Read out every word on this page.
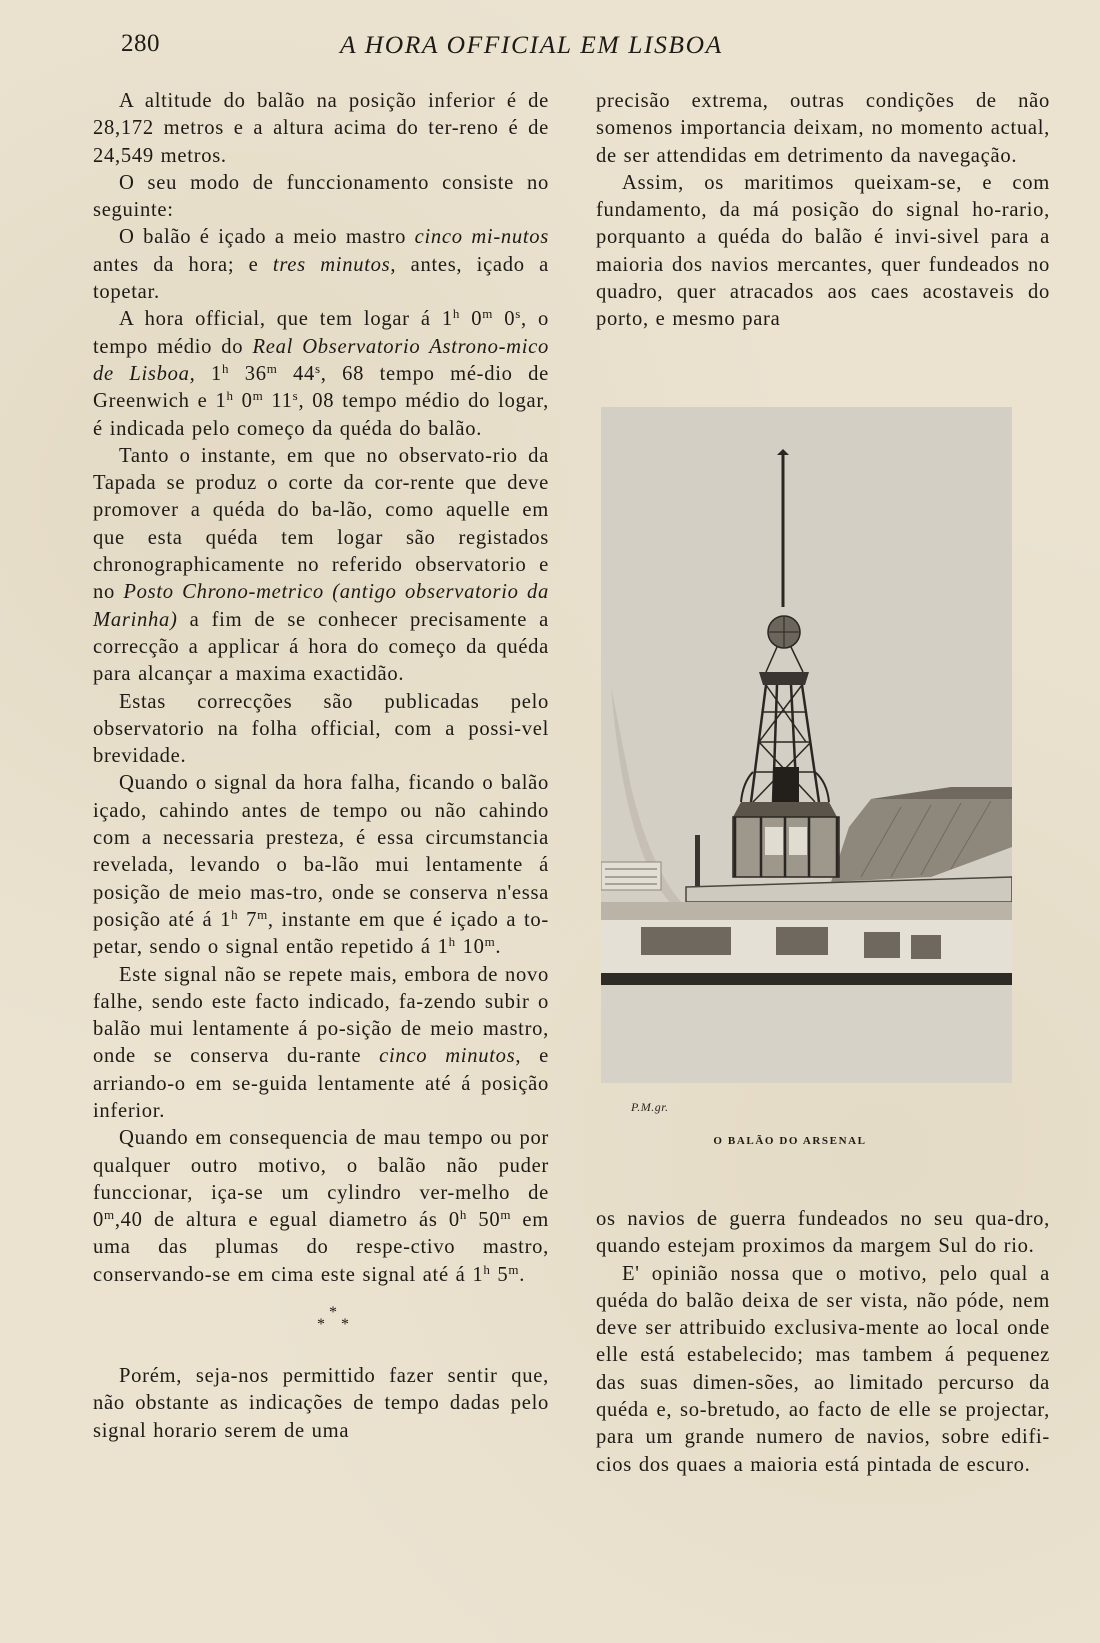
280	A HORA OFFICIAL EM LISBOA

A altitude do balão na posição inferior é de 28,172 metros e a altura acima do ter-reno é de 24,549 metros.

O seu modo de funccionamento consiste no seguinte:

O balão é içado a meio mastro cinco mi-nutos antes da hora; e tres minutos, antes, içado a topetar.

A hora official, que tem logar á 1$^h$ 0$^m$ 0$^s$, o tempo médio do Real Observatorio Astrono-mico de Lisboa, 1$^h$ 36$^m$ 44$^s$, 68 tempo mé-dio de Greenwich e 1$^h$ 0$^m$ 11$^s$, 08 tempo médio do logar, é indicada pelo começo da quéda do balão.

Tanto o instante, em que no observato-rio da Tapada se produz o corte da cor-rente que deve promover a quéda do ba-lão, como aquelle em que esta quéda tem logar são registados chronographicamente no referido observatorio e no Posto Chrono-metrico (antigo observatorio da Marinha) a fim de se conhecer precisamente a correcção a applicar á hora do começo da quéda para alcançar a maxima exactidão.

Estas correcções são publicadas pelo observatorio na folha official, com a possi-vel brevidade.

Quando o signal da hora falha, ficando o balão içado, cahindo antes de tempo ou não cahindo com a necessaria presteza, é essa circumstancia revelada, levando o ba-lão mui lentamente á posição de meio mas-tro, onde se conserva n'essa posição até á 1$^h$ 7$^m$, instante em que é içado a to-petar, sendo o signal então repetido á 1$^h$ 10$^m$.

Este signal não se repete mais, embora de novo falhe, sendo este facto indicado, fa-zendo subir o balão mui lentamente á po-sição de meio mastro, onde se conserva du-rante cinco minutos, e arriando-o em se-guida lentamente até á posição inferior.

Quando em consequencia de mau tempo ou por qualquer outro motivo, o balão não puder funccionar, iça-se um cylindro ver-melho de 0$^m$,40 de altura e egual diametro ás 0$^h$ 50$^m$ em uma das plumas do respe-ctivo mastro, conservando-se em cima este signal até á 1$^h$ 5$^m$.

*
* *

Porém, seja-nos permittido fazer sentir que, não obstante as indicações de tempo dadas pelo signal horario serem de uma

precisão extrema, outras condições de não somenos importancia deixam, no momento actual, de ser attendidas em detrimento da navegação.

Assim, os maritimos queixam-se, e com fundamento, da má posição do signal ho-rario, porquanto a quéda do balão é invi-sivel para a maioria dos navios mercantes, quer fundeados no quadro, quer atracados aos caes acostaveis do porto, e mesmo para

P.M.gr.
O BALÃO DO ARSENAL

os navios de guerra fundeados no seu qua-dro, quando estejam proximos da margem Sul do rio.

E' opinião nossa que o motivo, pelo qual a quéda do balão deixa de ser vista, não póde, nem deve ser attribuido exclusiva-mente ao local onde elle está estabelecido; mas tambem á pequenez das suas dimen-sões, ao limitado percurso da quéda e, so-bretudo, ao facto de elle se projectar, para um grande numero de navios, sobre edifi-cios dos quaes a maioria está pintada de escuro.
